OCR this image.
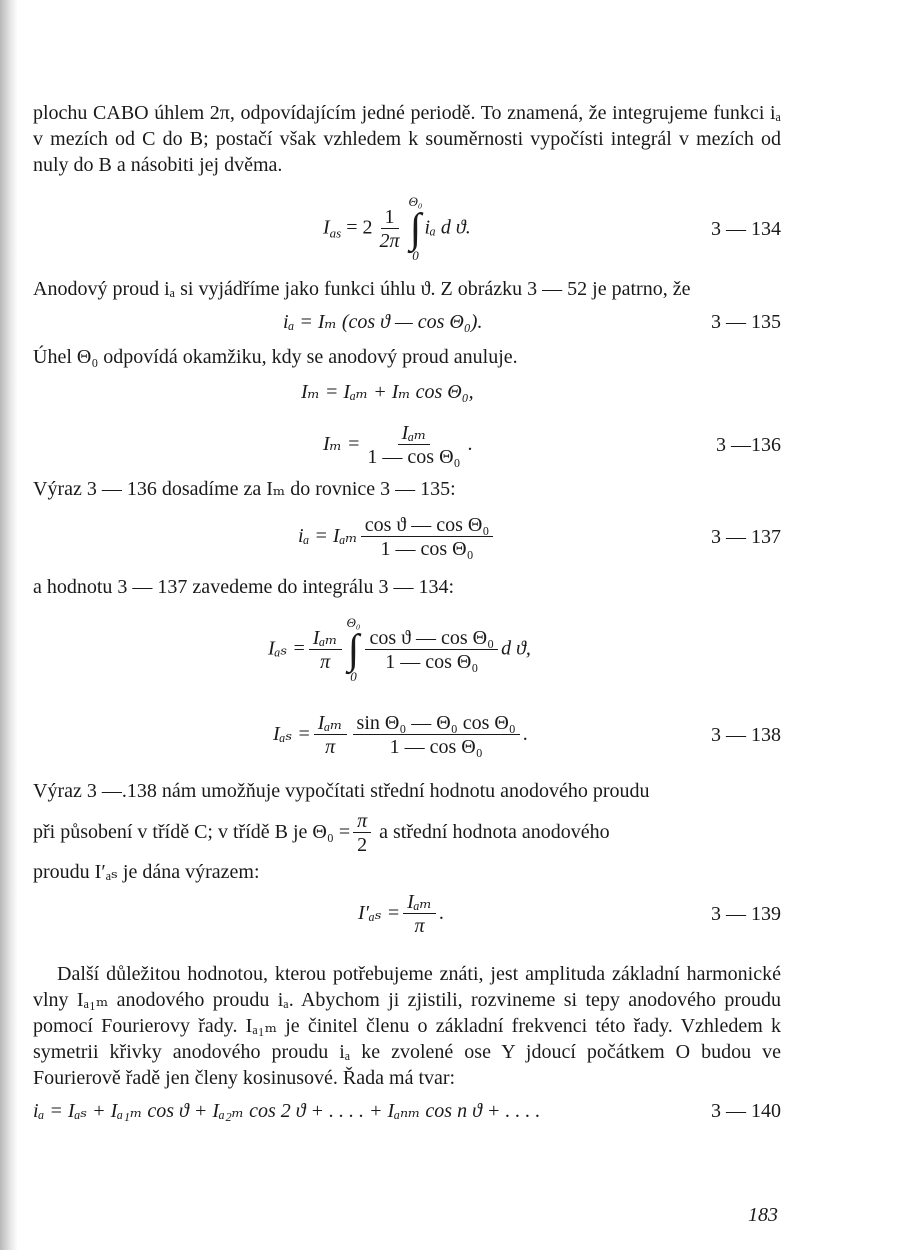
plochu CABO úhlem 2π, odpovídajícím jedné periodě. To znamená, že integrujeme funkci iₐ v mezích od C do B; postačí však vzhledem k souměrnosti vypočísti integrál v mezích od nuly do B a násobiti jej dvěma.

$I_{as} = 2 \frac{1}{2\pi}$
Θ₀
∫
0
iₐ d ϑ.	3 — 134

Anodový proud iₐ si vyjádříme jako funkci úhlu ϑ. Z obrázku 3 — 52 je patrno, že

iₐ = Iₘ (cos ϑ — cos Θ₀).	3 — 135

Úhel Θ₀ odpovídá okamžiku, kdy se anodový proud anuluje.

Iₘ = Iₐₘ + Iₘ cos Θ₀,
$I_m = \frac{\text{Iₐₘ}}{\text{1 — cos Θ₀}}$ .	3 —136

Výraz 3 — 136 dosadíme za Iₘ do rovnice 3 — 135:

iₐ = Iₐₘ $\frac{\text{cos ϑ — cos Θ₀}}{\text{1 — cos Θ₀}}$	3 — 137

a hodnotu 3 — 137 zavedeme do integrálu 3 — 134:

$I_{as} = \frac{\text{Iₐₘ}}{\pi}$
Θ₀
∫
0
$\frac{\text{cos ϑ — cos Θ₀}}{\text{1 — cos Θ₀}}$ d ϑ,
$I_{as} = \frac{\text{Iₐₘ}}{\pi} \frac{\text{sin Θ₀ — Θ₀ cos Θ₀}}{\text{1 — cos Θ₀}}$ .	3 — 138

Výraz 3 —.138 nám umožňuje vypočítati střední hodnotu anodového proudu

při působení v třídě C; v třídě B je $\Theta_0 = \frac{\pi}{2}$ a střední hodnota anodového

proudu I′ₐₛ je dána výrazem:

$I'_{as} = \frac{\text{Iₐₘ}}{\pi}$ .	3 — 139

Další důležitou hodnotou, kterou potřebujeme znáti, jest amplituda základní harmonické vlny Iₐ₁ₘ anodového proudu iₐ. Abychom ji zjistili, rozvineme si tepy anodového proudu pomocí Fourierovy řady. Iₐ₁ₘ je činitel členu o základní frekvenci této řady. Vzhledem k symetrii křivky anodového proudu iₐ ke zvolené ose Y jdoucí počátkem O budou ve Fourierově řadě jen členy kosinusové. Řada má tvar:

iₐ = Iₐₛ + Iₐ₁ₘ cos ϑ + Iₐ₂ₘ cos 2 ϑ + . . . . + Iₐₙₘ cos n ϑ + . . . .	3 — 140
183
